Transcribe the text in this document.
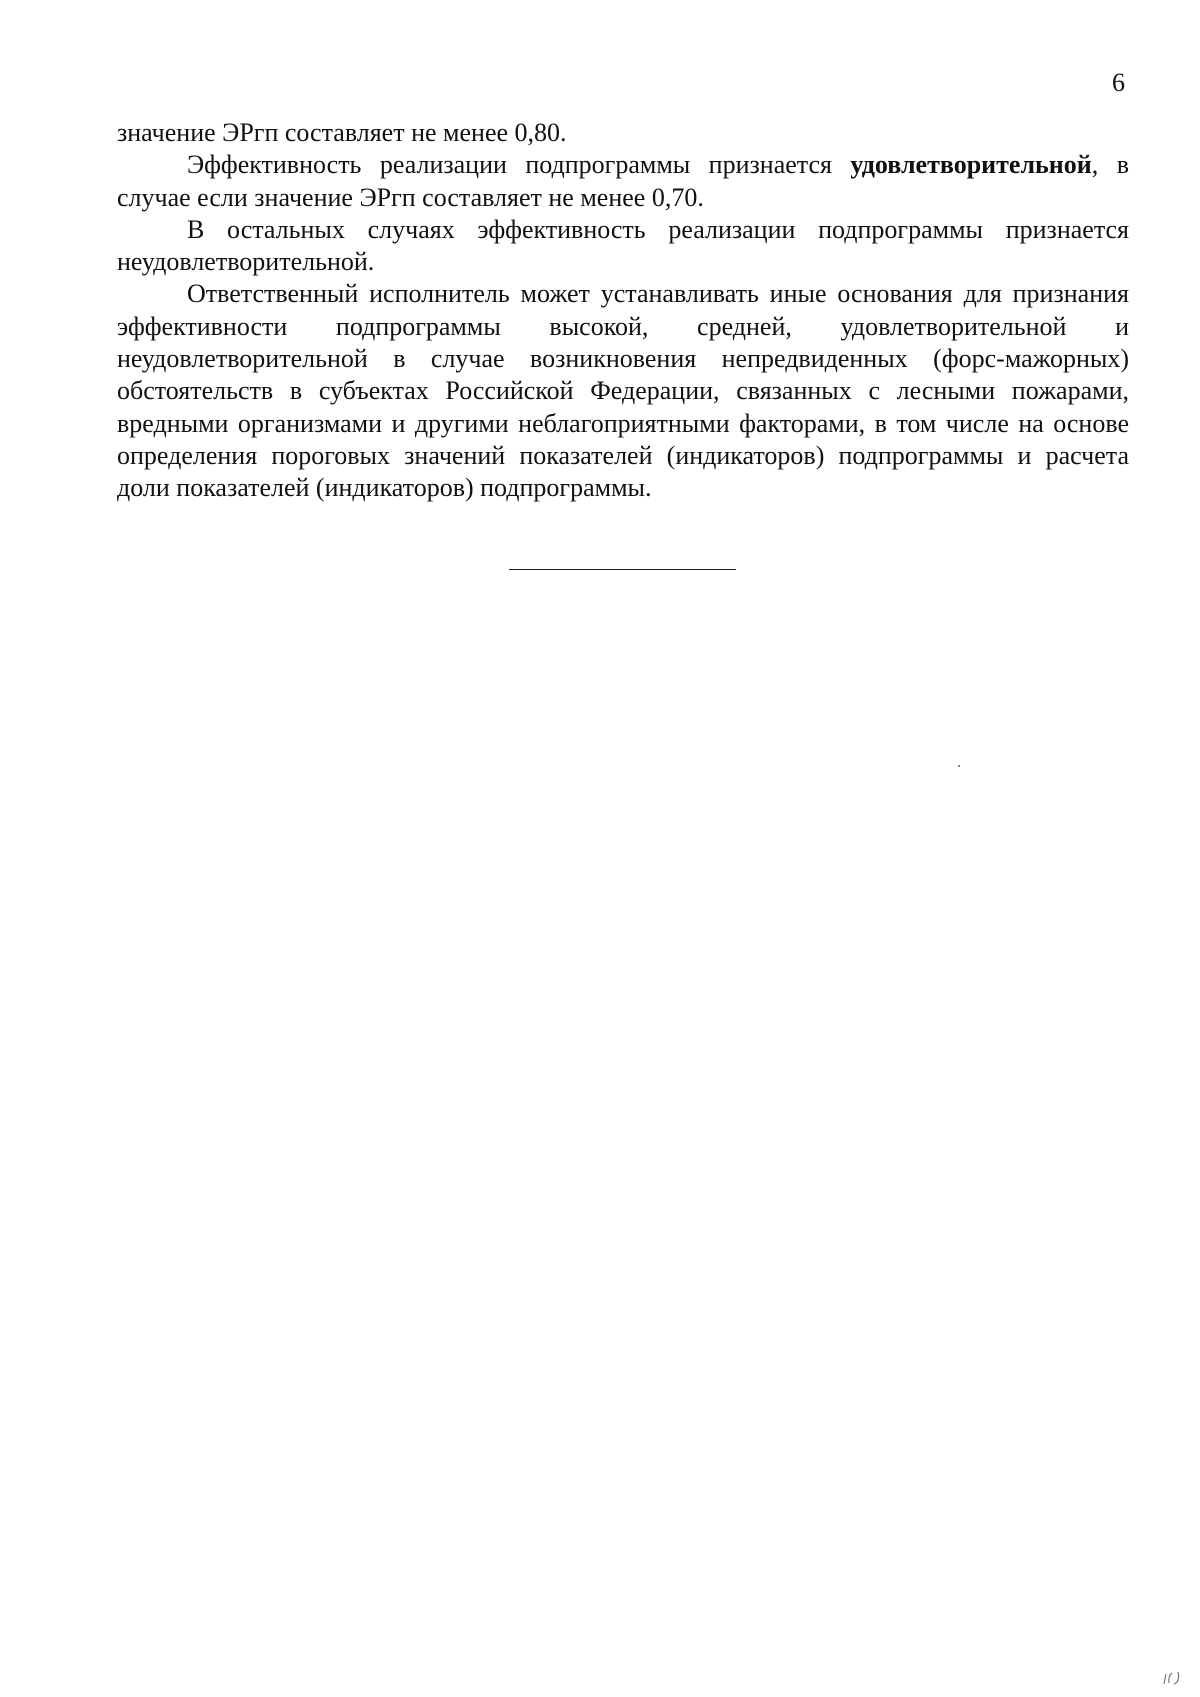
6

значение ЭРгп составляет не менее 0,80.

Эффективность реализации подпрограммы признается удовлетворительной, в случае если значение ЭРгп составляет не менее 0,70.

В остальных случаях эффективность реализации подпрограммы признается неудовлетворительной.

Ответственный исполнитель может устанавливать иные основания для признания эффективности подпрограммы высокой, средней, удовлетворительной и неудовлетворительной в случае возникновения непредвиденных (форс-мажорных) обстоятельств в субъектах Российской Федерации, связанных с лесными пожарами, вредными организмами и другими неблагоприятными факторами, в том числе на основе определения пороговых значений показателей (индикаторов) подпрограммы и расчета доли показателей (индикаторов) подпрограммы.
